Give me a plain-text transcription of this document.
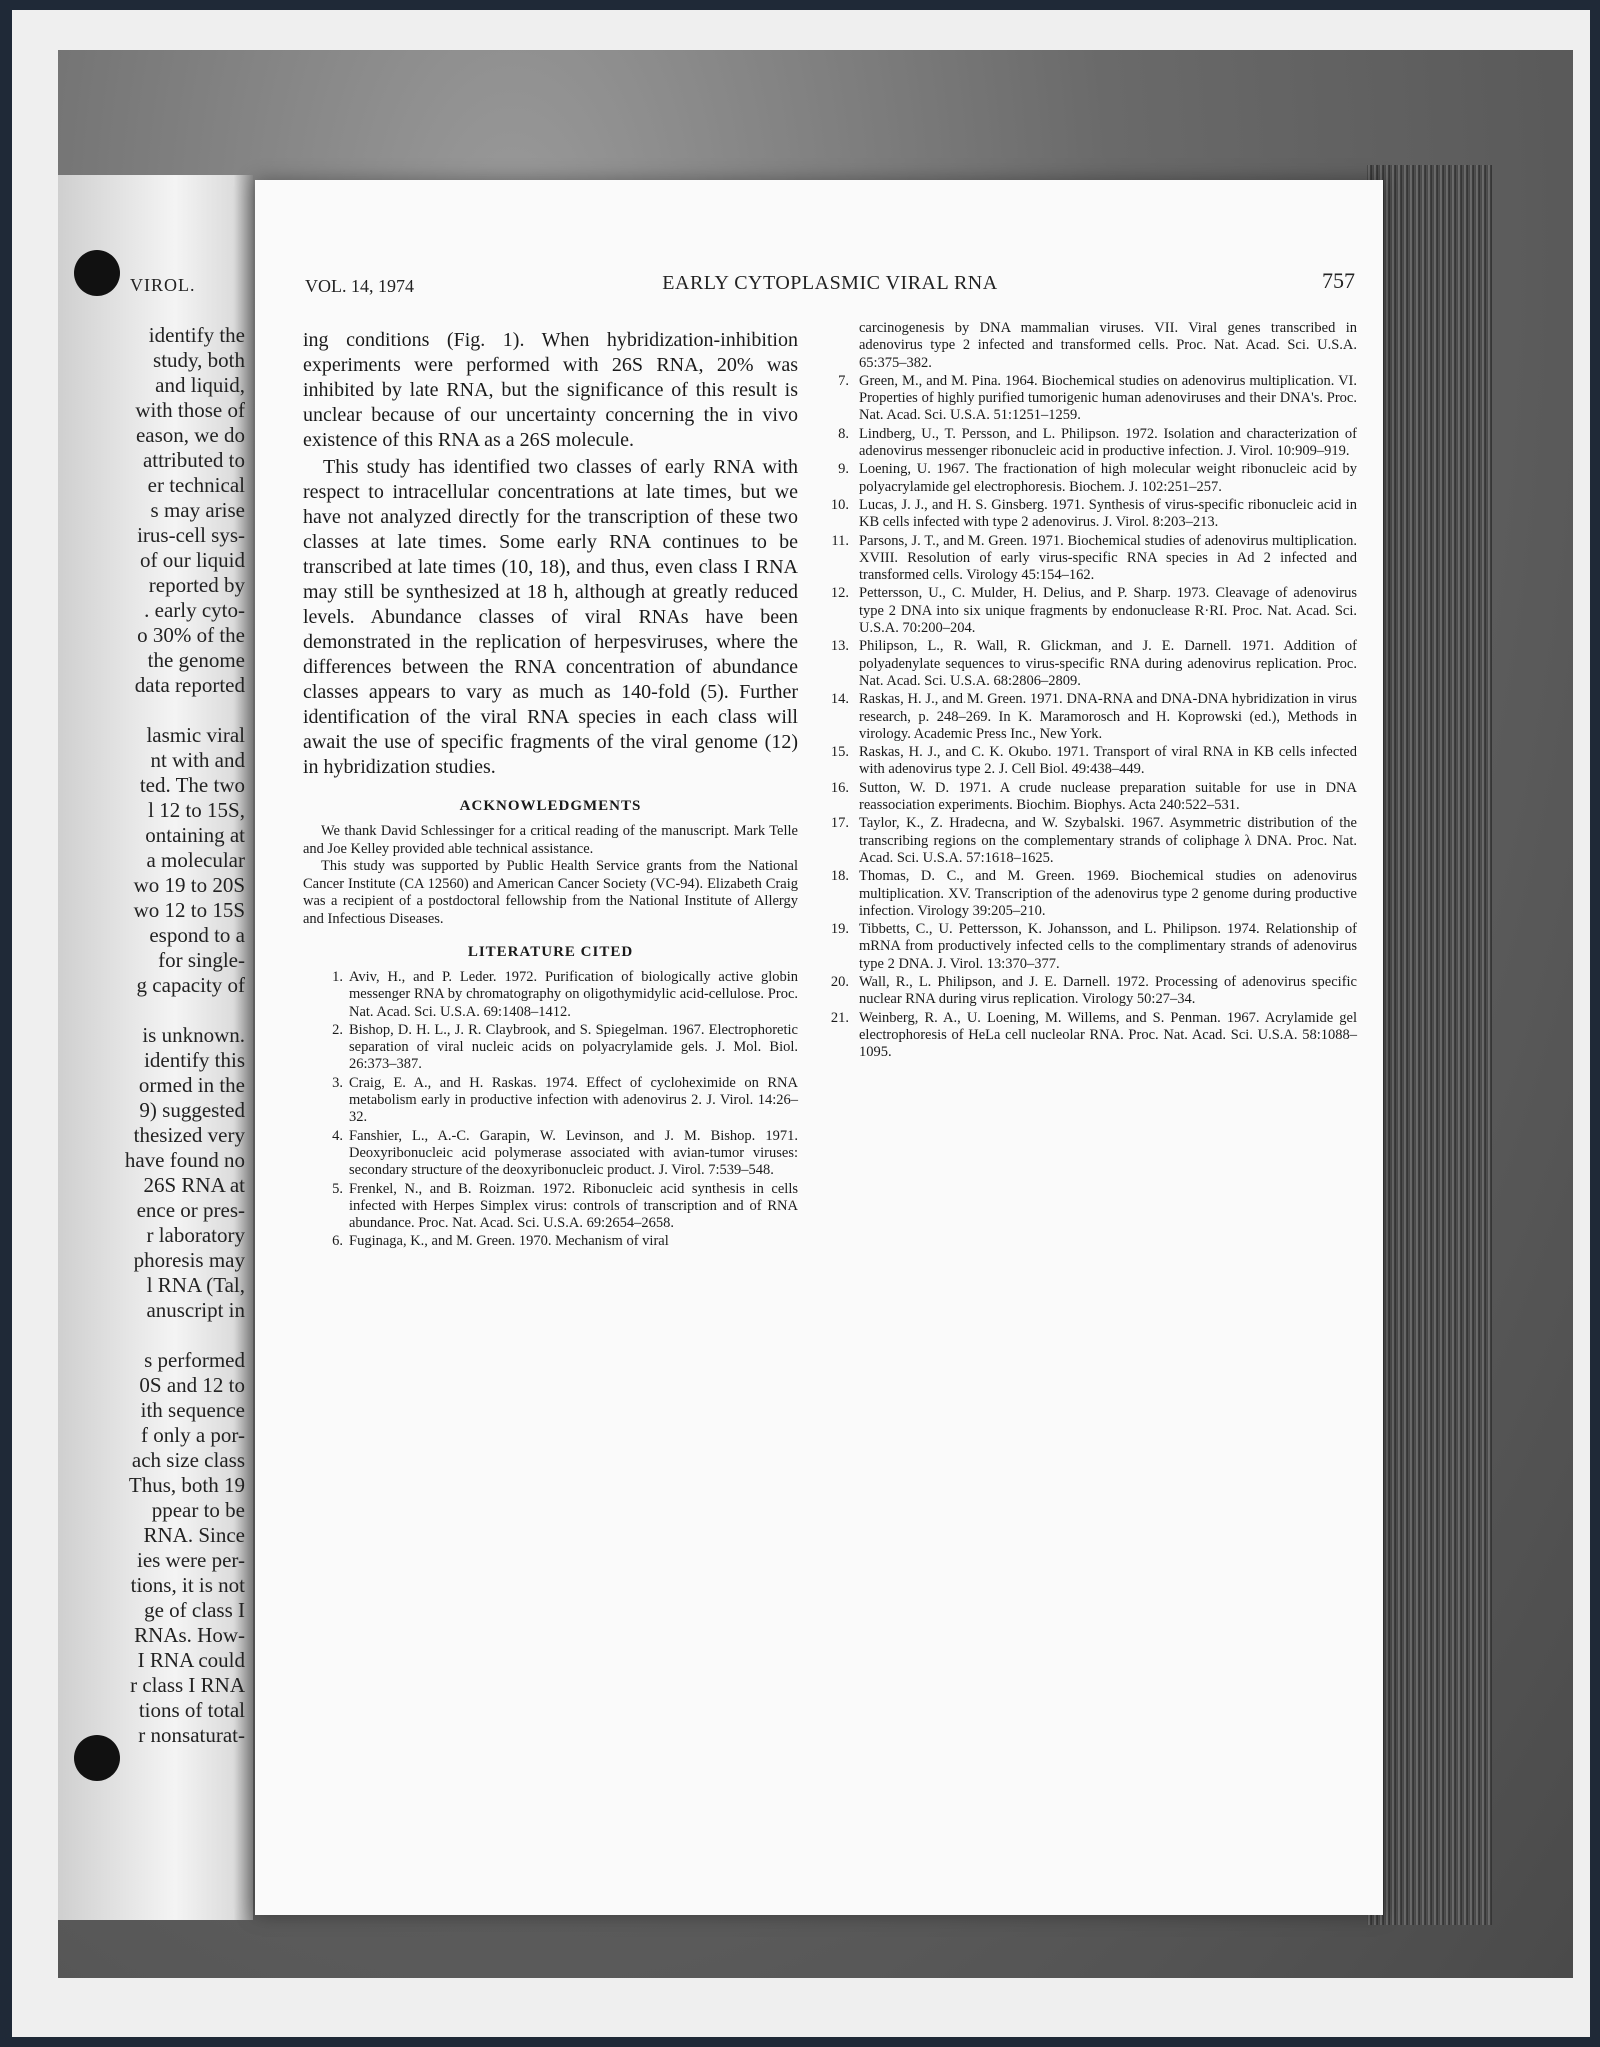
VIROL.
identify the
study, both
and liquid,
with those of
eason, we do
attributed to
er technical
s may arise
irus-cell sys-
of our liquid
reported by
. early cyto-
o 30% of the
the genome
data reported
lasmic viral
nt with and
ted. The two
l 12 to 15S,
ontaining at
a molecular
wo 19 to 20S
wo 12 to 15S
espond to a
for single-
g capacity of
is unknown.
identify this
ormed in the
9) suggested
thesized very
have found no
26S RNA at
ence or pres-
r laboratory
phoresis may
l RNA (Tal,
anuscript in
s performed
0S and 12 to
ith sequence
f only a por-
ach size class
Thus, both 19
ppear to be
RNA. Since
ies were per-
tions, it is not
ge of class I
RNAs. How-
I RNA could
r class I RNA
tions of total
r nonsaturat-
VOL. 14, 1974	EARLY CYTOPLASMIC VIRAL RNA	757

ing conditions (Fig. 1). When hybridization-inhibition experiments were performed with 26S RNA, 20% was inhibited by late RNA, but the significance of this result is unclear because of our uncertainty concerning the in vivo existence of this RNA as a 26S molecule.

This study has identified two classes of early RNA with respect to intracellular concentrations at late times, but we have not analyzed directly for the transcription of these two classes at late times. Some early RNA continues to be transcribed at late times (10, 18), and thus, even class I RNA may still be synthesized at 18 h, although at greatly reduced levels. Abundance classes of viral RNAs have been demonstrated in the replication of herpesviruses, where the differences between the RNA concentration of abundance classes appears to vary as much as 140-fold (5). Further identification of the viral RNA species in each class will await the use of specific fragments of the viral genome (12) in hybridization studies.

ACKNOWLEDGMENTS

We thank David Schlessinger for a critical reading of the manuscript. Mark Telle and Joe Kelley provided able technical assistance.

This study was supported by Public Health Service grants from the National Cancer Institute (CA 12560) and American Cancer Society (VC-94). Elizabeth Craig was a recipient of a postdoctoral fellowship from the National Institute of Allergy and Infectious Diseases.

LITERATURE CITED
1. Aviv, H., and P. Leder. 1972. Purification of biologically active globin messenger RNA by chromatography on oligothymidylic acid-cellulose. Proc. Nat. Acad. Sci. U.S.A. 69:1408–1412.
2. Bishop, D. H. L., J. R. Claybrook, and S. Spiegelman. 1967. Electrophoretic separation of viral nucleic acids on polyacrylamide gels. J. Mol. Biol. 26:373–387.
3. Craig, E. A., and H. Raskas. 1974. Effect of cycloheximide on RNA metabolism early in productive infection with adenovirus 2. J. Virol. 14:26–32.
4. Fanshier, L., A.-C. Garapin, W. Levinson, and J. M. Bishop. 1971. Deoxyribonucleic acid polymerase associated with avian-tumor viruses: secondary structure of the deoxyribonucleic product. J. Virol. 7:539–548.
5. Frenkel, N., and B. Roizman. 1972. Ribonucleic acid synthesis in cells infected with Herpes Simplex virus: controls of transcription and of RNA abundance. Proc. Nat. Acad. Sci. U.S.A. 69:2654–2658.
6. Fuginaga, K., and M. Green. 1970. Mechanism of viral
carcinogenesis by DNA mammalian viruses. VII. Viral genes transcribed in adenovirus type 2 infected and transformed cells. Proc. Nat. Acad. Sci. U.S.A. 65:375–382.
7. Green, M., and M. Pina. 1964. Biochemical studies on adenovirus multiplication. VI. Properties of highly purified tumorigenic human adenoviruses and their DNA's. Proc. Nat. Acad. Sci. U.S.A. 51:1251–1259.
8. Lindberg, U., T. Persson, and L. Philipson. 1972. Isolation and characterization of adenovirus messenger ribonucleic acid in productive infection. J. Virol. 10:909–919.
9. Loening, U. 1967. The fractionation of high molecular weight ribonucleic acid by polyacrylamide gel electrophoresis. Biochem. J. 102:251–257.
10. Lucas, J. J., and H. S. Ginsberg. 1971. Synthesis of virus-specific ribonucleic acid in KB cells infected with type 2 adenovirus. J. Virol. 8:203–213.
11. Parsons, J. T., and M. Green. 1971. Biochemical studies of adenovirus multiplication. XVIII. Resolution of early virus-specific RNA species in Ad 2 infected and transformed cells. Virology 45:154–162.
12. Pettersson, U., C. Mulder, H. Delius, and P. Sharp. 1973. Cleavage of adenovirus type 2 DNA into six unique fragments by endonuclease R·RI. Proc. Nat. Acad. Sci. U.S.A. 70:200–204.
13. Philipson, L., R. Wall, R. Glickman, and J. E. Darnell. 1971. Addition of polyadenylate sequences to virus-specific RNA during adenovirus replication. Proc. Nat. Acad. Sci. U.S.A. 68:2806–2809.
14. Raskas, H. J., and M. Green. 1971. DNA-RNA and DNA-DNA hybridization in virus research, p. 248–269. In K. Maramorosch and H. Koprowski (ed.), Methods in virology. Academic Press Inc., New York.
15. Raskas, H. J., and C. K. Okubo. 1971. Transport of viral RNA in KB cells infected with adenovirus type 2. J. Cell Biol. 49:438–449.
16. Sutton, W. D. 1971. A crude nuclease preparation suitable for use in DNA reassociation experiments. Biochim. Biophys. Acta 240:522–531.
17. Taylor, K., Z. Hradecna, and W. Szybalski. 1967. Asymmetric distribution of the transcribing regions on the complementary strands of coliphage λ DNA. Proc. Nat. Acad. Sci. U.S.A. 57:1618–1625.
18. Thomas, D. C., and M. Green. 1969. Biochemical studies on adenovirus multiplication. XV. Transcription of the adenovirus type 2 genome during productive infection. Virology 39:205–210.
19. Tibbetts, C., U. Pettersson, K. Johansson, and L. Philipson. 1974. Relationship of mRNA from productively infected cells to the complimentary strands of adenovirus type 2 DNA. J. Virol. 13:370–377.
20. Wall, R., L. Philipson, and J. E. Darnell. 1972. Processing of adenovirus specific nuclear RNA during virus replication. Virology 50:27–34.
21. Weinberg, R. A., U. Loening, M. Willems, and S. Penman. 1967. Acrylamide gel electrophoresis of HeLa cell nucleolar RNA. Proc. Nat. Acad. Sci. U.S.A. 58:1088–1095.
